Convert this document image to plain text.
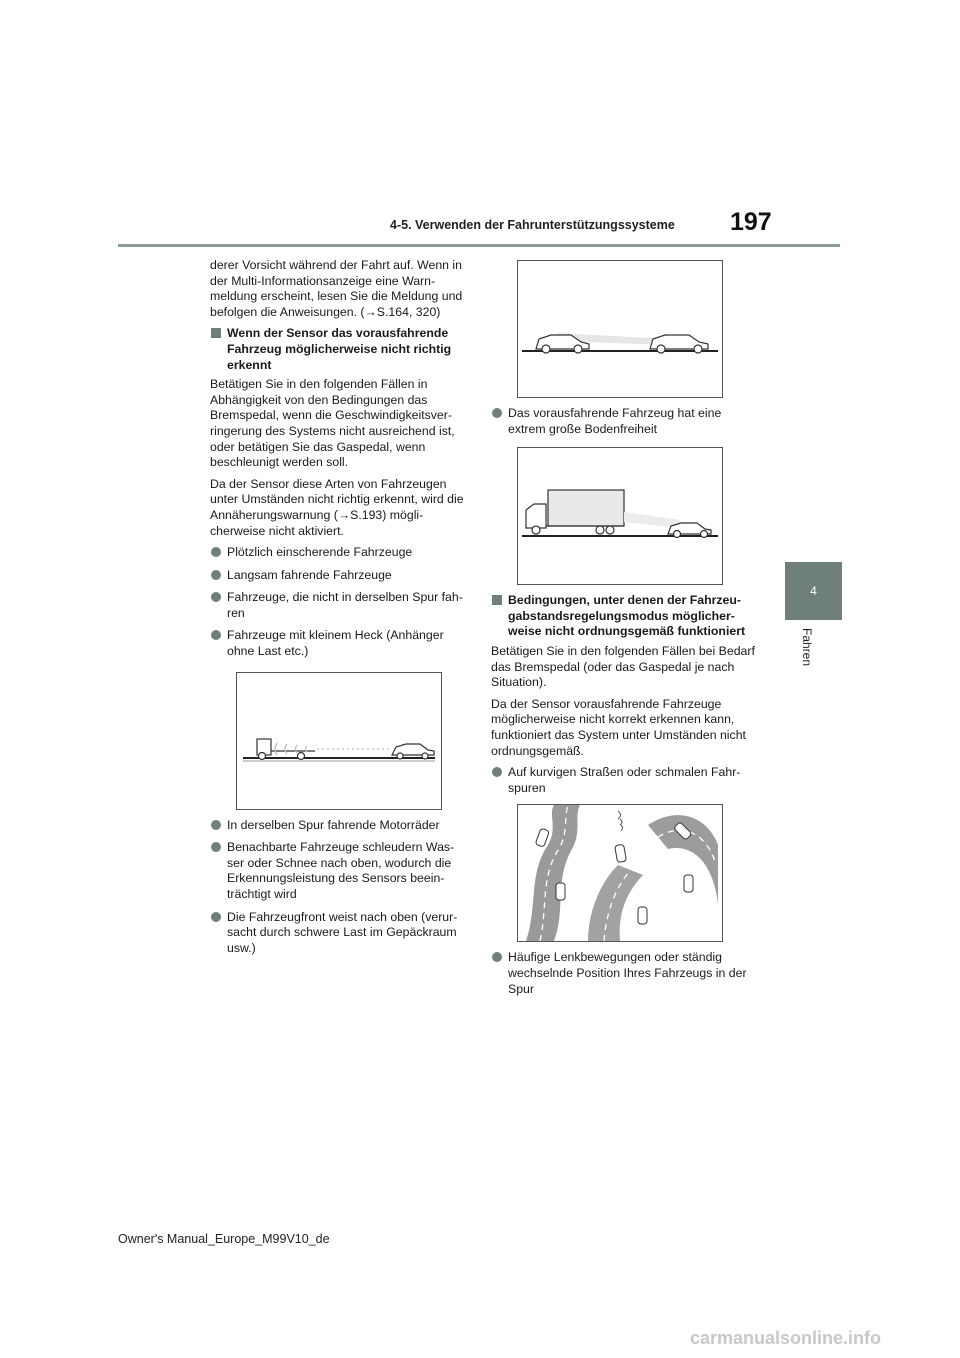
4-5. Verwenden der Fahrunterstützungssysteme 197
4
Fahren

derer Vorsicht während der Fahrt auf. Wenn in der Multi-Informationsanzeige eine Warn-meldung erscheint, lesen Sie die Meldung und befolgen die Anweisungen. (→S.164, 320)

Wenn der Sensor das vorausfahrende Fahrzeug möglicherweise nicht richtig erkennt

Betätigen Sie in den folgenden Fällen in Abhängigkeit von den Bedingungen das Bremspedal, wenn die Geschwindigkeitsver-ringerung des Systems nicht ausreichend ist, oder betätigen Sie das Gaspedal, wenn beschleunigt werden soll.

Da der Sensor diese Arten von Fahrzeugen unter Umständen nicht richtig erkennt, wird die Annäherungswarnung (→S.193) mögli-cherweise nicht aktiviert.

Plötzlich einscherende Fahrzeuge
Langsam fahrende Fahrzeuge
Fahrzeuge, die nicht in derselben Spur fah-ren
Fahrzeuge mit kleinem Heck (Anhänger ohne Last etc.)
In derselben Spur fahrende Motorräder
Benachbarte Fahrzeuge schleudern Was-ser oder Schnee nach oben, wodurch die Erkennungsleistung des Sensors beein-trächtigt wird
Die Fahrzeugfront weist nach oben (verur-sacht durch schwere Last im Gepäckraum usw.)
Das vorausfahrende Fahrzeug hat eine extrem große Bodenfreiheit
Bedingungen, unter denen der Fahrzeu-gabstandsregelungsmodus möglicher-weise nicht ordnungsgemäß funktioniert

Betätigen Sie in den folgenden Fällen bei Bedarf das Bremspedal (oder das Gaspedal je nach Situation).

Da der Sensor vorausfahrende Fahrzeuge möglicherweise nicht korrekt erkennen kann, funktioniert das System unter Umständen nicht ordnungsgemäß.

Auf kurvigen Straßen oder schmalen Fahr-spuren
Häufige Lenkbewegungen oder ständig wechselnde Position Ihres Fahrzeugs in der Spur
Owner's Manual_Europe_M99V10_de
carmanualsonline.info
